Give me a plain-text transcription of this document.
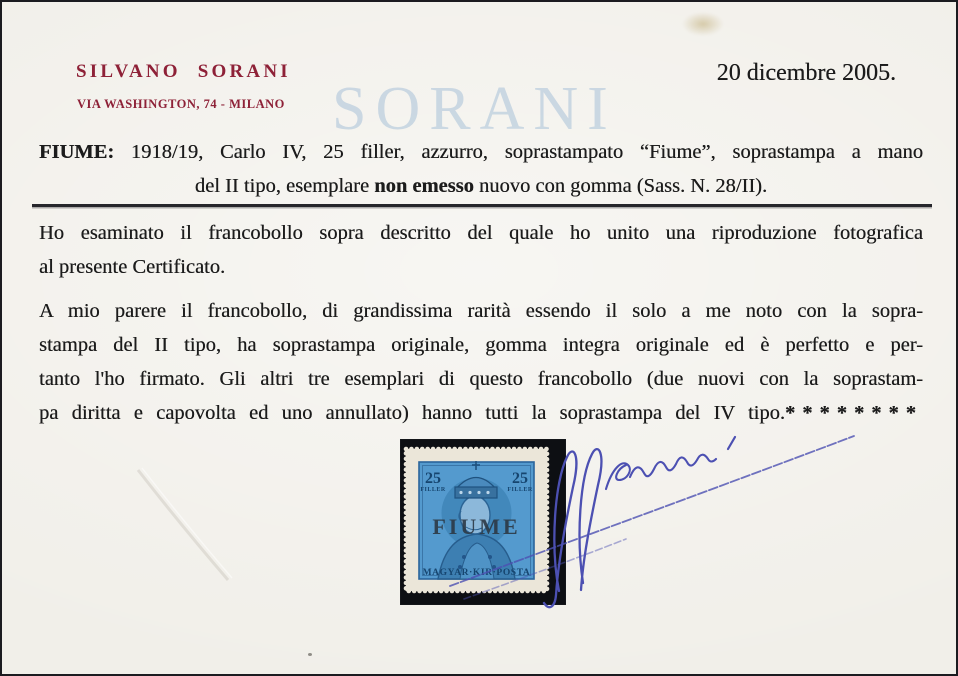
SORANI
SILVANO SORANI
VIA WASHINGTON, 74 - MILANO
20 dicembre 2005.
FIUME: 1918/19, Carlo IV, 25 filler, azzurro, soprastampato “Fiume”, soprastampa a mano
del II tipo, esemplare non emesso nuovo con gomma (Sass. N. 28/II).
Ho esaminato il francobollo sopra descritto del quale ho unito una riproduzione fotografica
al presente Certificato.
A mio parere il francobollo, di grandissima rarità essendo il solo a me noto con la sopra-
stampa del II tipo, ha soprastampa originale, gomma integra originale ed è perfetto e per-
tanto l'ho firmato. Gli altri tre esemplari di questo francobollo (due nuovi con la soprastam-
pa diritta e capovolta ed uno annullato) hanno tutti la soprastampa del IV tipo.********
25
FILLER
25
FILLER
MAGYAR·KIR·POSTA
FIUME
